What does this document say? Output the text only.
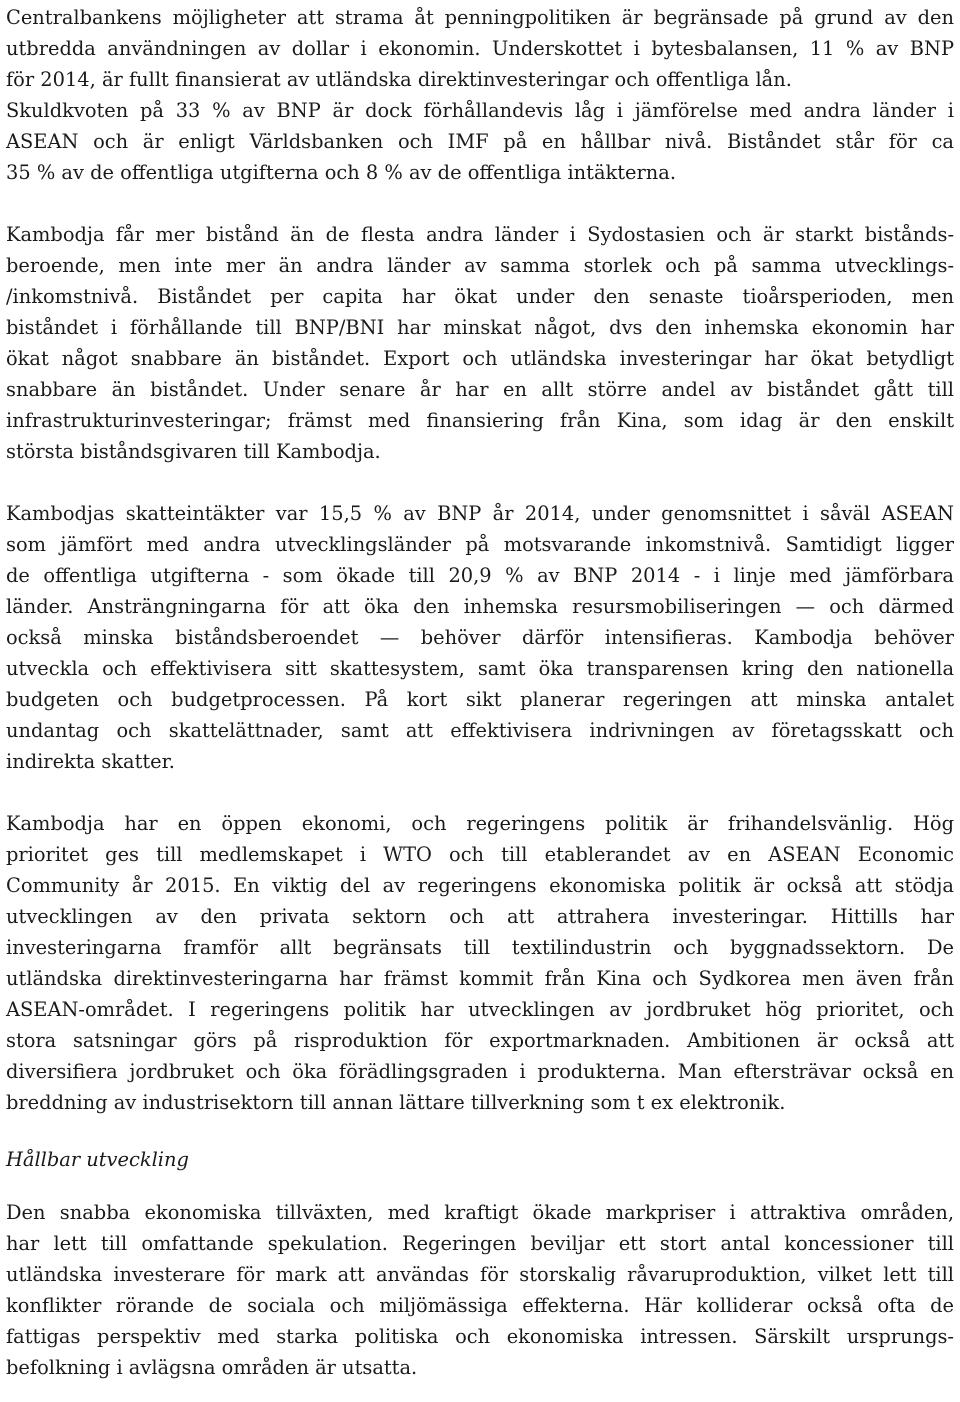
Centralbankens möjligheter att strama åt penningpolitiken är begränsade på grund av den
utbredda användningen av dollar i ekonomin. Underskottet i bytesbalansen, 11 % av BNP
för 2014, är fullt finansierat av utländska direktinvesteringar och offentliga lån.
Skuldkvoten på 33 % av BNP är dock förhållandevis låg i jämförelse med andra länder i
ASEAN och är enligt Världsbanken och IMF på en hållbar nivå. Biståndet står för ca
35 % av de offentliga utgifterna och 8 % av de offentliga intäkterna.

Kambodja får mer bistånd än de flesta andra länder i Sydostasien och är starkt bistånds-
beroende, men inte mer än andra länder av samma storlek och på samma utvecklings-
/inkomstnivå. Biståndet per capita har ökat under den senaste tioårsperioden, men
biståndet i förhållande till BNP/BNI har minskat något, dvs den inhemska ekonomin har
ökat något snabbare än biståndet. Export och utländska investeringar har ökat betydligt
snabbare än biståndet. Under senare år har en allt större andel av biståndet gått till
infrastrukturinvesteringar; främst med finansiering från Kina, som idag är den enskilt
största biståndsgivaren till Kambodja.

Kambodjas skatteintäkter var 15,5 % av BNP år 2014, under genomsnittet i såväl ASEAN
som jämfört med andra utvecklingsländer på motsvarande inkomstnivå. Samtidigt ligger
de offentliga utgifterna - som ökade till 20,9 % av BNP 2014 - i linje med jämförbara
länder. Ansträngningarna för att öka den inhemska resursmobiliseringen — och därmed
också minska biståndsberoendet — behöver därför intensifieras. Kambodja behöver
utveckla och effektivisera sitt skattesystem, samt öka transparensen kring den nationella
budgeten och budgetprocessen. På kort sikt planerar regeringen att minska antalet
undantag och skattelättnader, samt att effektivisera indrivningen av företagsskatt och
indirekta skatter.

Kambodja har en öppen ekonomi, och regeringens politik är frihandelsvänlig. Hög
prioritet ges till medlemskapet i WTO och till etablerandet av en ASEAN Economic
Community år 2015. En viktig del av regeringens ekonomiska politik är också att stödja
utvecklingen av den privata sektorn och att attrahera investeringar. Hittills har
investeringarna framför allt begränsats till textilindustrin och byggnadssektorn. De
utländska direktinvesteringarna har främst kommit från Kina och Sydkorea men även från
ASEAN-området. I regeringens politik har utvecklingen av jordbruket hög prioritet, och
stora satsningar görs på risproduktion för exportmarknaden. Ambitionen är också att
diversifiera jordbruket och öka förädlingsgraden i produkterna. Man eftersträvar också en
breddning av industrisektorn till annan lättare tillverkning som t ex elektronik.

Hållbar utveckling

Den snabba ekonomiska tillväxten, med kraftigt ökade markpriser i attraktiva områden,
har lett till omfattande spekulation. Regeringen beviljar ett stort antal koncessioner till
utländska investerare för mark att användas för storskalig råvaruproduktion, vilket lett till
konflikter rörande de sociala och miljömässiga effekterna. Här kolliderar också ofta de
fattigas perspektiv med starka politiska och ekonomiska intressen. Särskilt ursprungs-
befolkning i avlägsna områden är utsatta.
